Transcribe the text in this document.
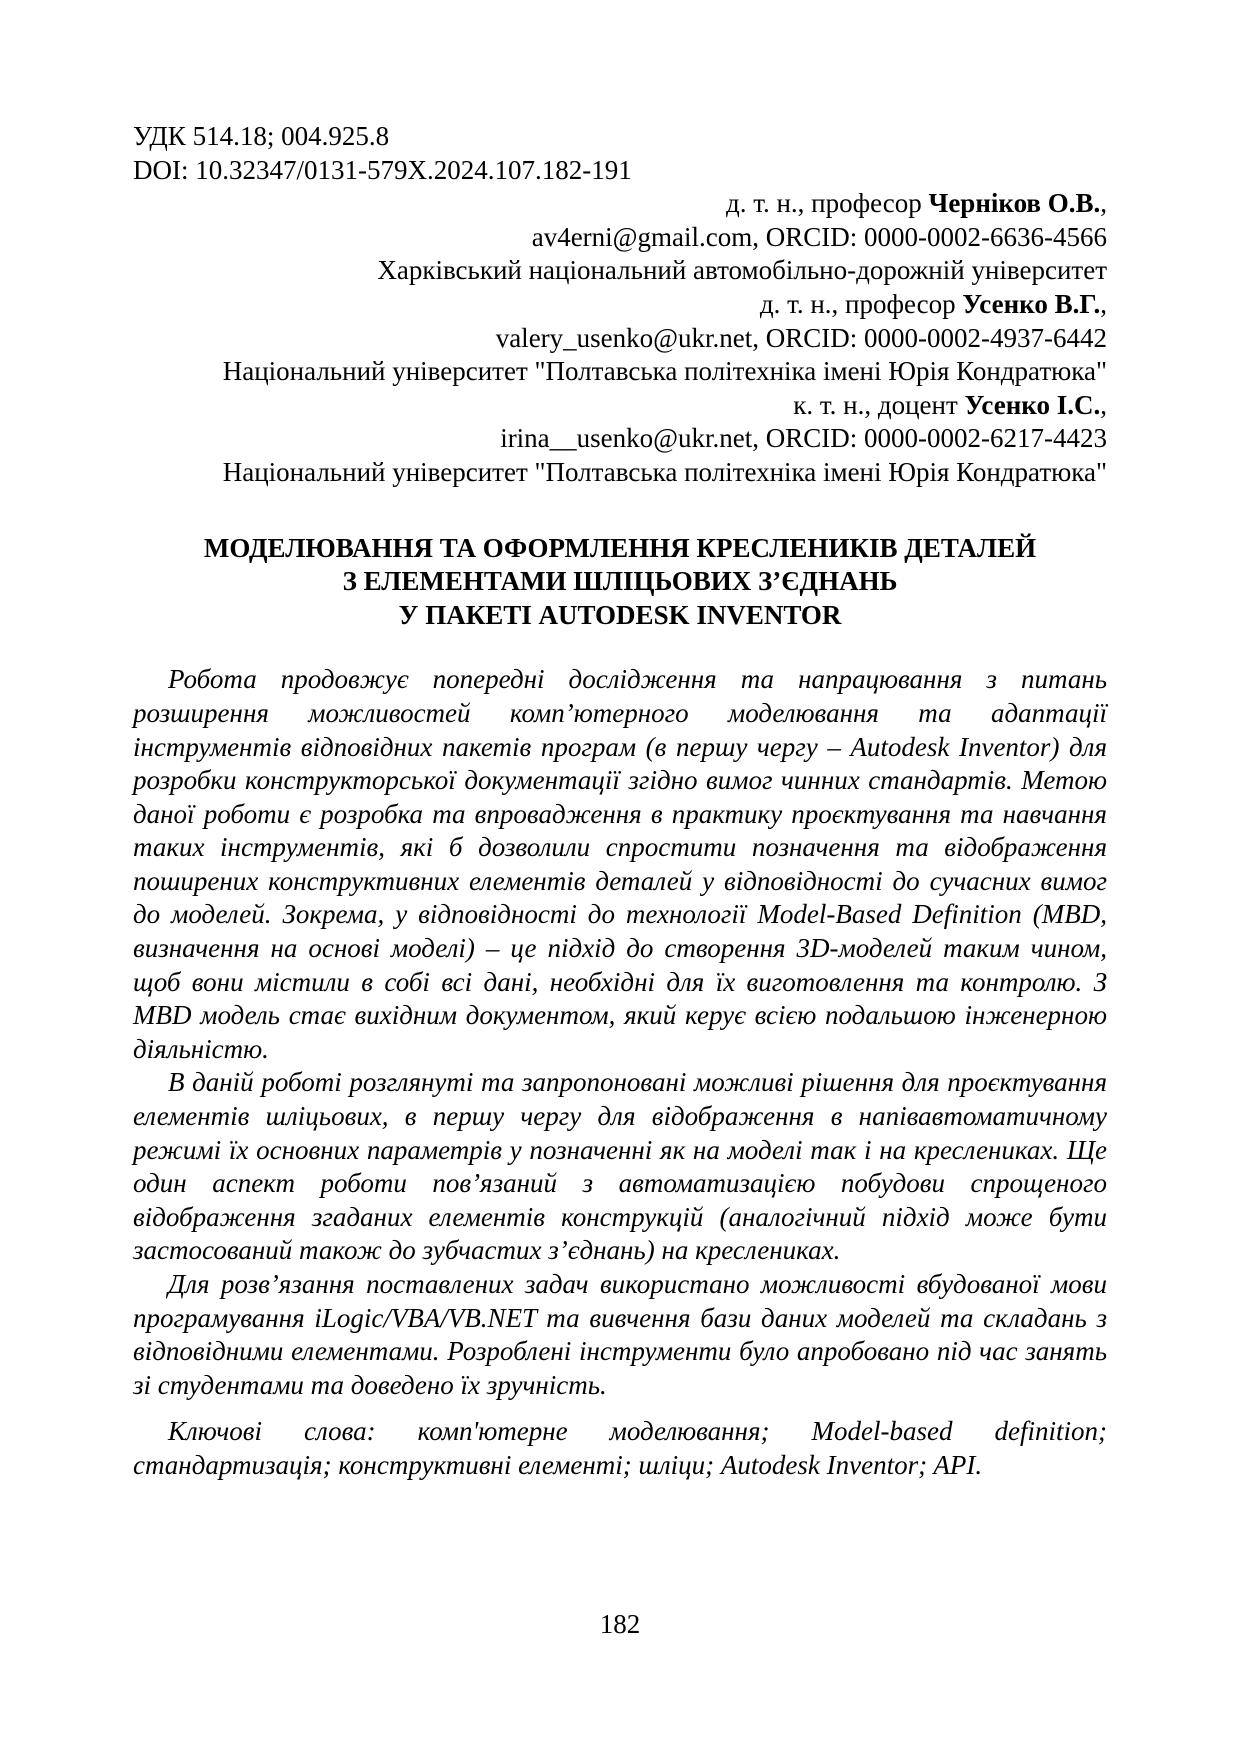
УДК 514.18; 004.925.8

DOI: 10.32347/0131-579X.2024.107.182-191

д. т. н., професор Черніков О.В.,

av4erni@gmail.com, ORCID: 0000-0002-6636-4566

Харківський національний автомобільно-дорожній університет

д. т. н., професор Усенко В.Г.,

valery_usenko@ukr.net, ORCID: 0000-0002-4937-6442

Національний університет "Полтавська політехніка імені Юрія Кондратюка"

к. т. н., доцент Усенко І.С.,

irina__usenko@ukr.net, ORCID: 0000-0002-6217-4423

Національний університет "Полтавська політехніка імені Юрія Кондратюка"

МОДЕЛЮВАННЯ ТА ОФОРМЛЕННЯ КРЕСЛЕНИКІВ ДЕТАЛЕЙ

З ЕЛЕМЕНТАМИ ШЛІЦЬОВИХ З’ЄДНАНЬ

У ПАКЕТІ AUTODESK INVENTOR

Робота продовжує попередні дослідження та напрацювання з питань розширення можливостей комп’ютерного моделювання та адаптації інструментів відповідних пакетів програм (в першу чергу – Autodesk Inventor) для розробки конструкторської документації згідно вимог чинних стандартів. Метою даної роботи є розробка та впровадження в практику проєктування та навчання таких інструментів, які б дозволили спростити позначення та відображення поширених конструктивних елементів деталей у відповідності до сучасних вимог до моделей. Зокрема, у відповідності до технології Model-Based Definition (MBD, визначення на основі моделі) – це підхід до створення 3D-моделей таким чином, щоб вони містили в собі всі дані, необхідні для їх виготовлення та контролю. З MBD модель стає вихідним документом, який керує всією подальшою інженерною діяльністю.

В даній роботі розглянуті та запропоновані можливі рішення для проєктування елементів шліцьових, в першу чергу для відображення в напівавтоматичному режимі їх основних параметрів у позначенні як на моделі так і на креслениках. Ще один аспект роботи пов’язаний з автоматизацією побудови спрощеного відображення згаданих елементів конструкцій (аналогічний підхід може бути застосований також до зубчастих з’єднань) на креслениках.

Для розв’язання поставлених задач використано можливості вбудованої мови програмування iLogic/VBA/VB.NET та вивчення бази даних моделей та складань з відповідними елементами. Розроблені інструменти було апробовано під час занять зі студентами та доведено їх зручність.

Ключові слова: комп'ютерне моделювання; Model-based definition; стандартизація; конструктивні елементі; шліци; Autodesk Inventor; API.

182
